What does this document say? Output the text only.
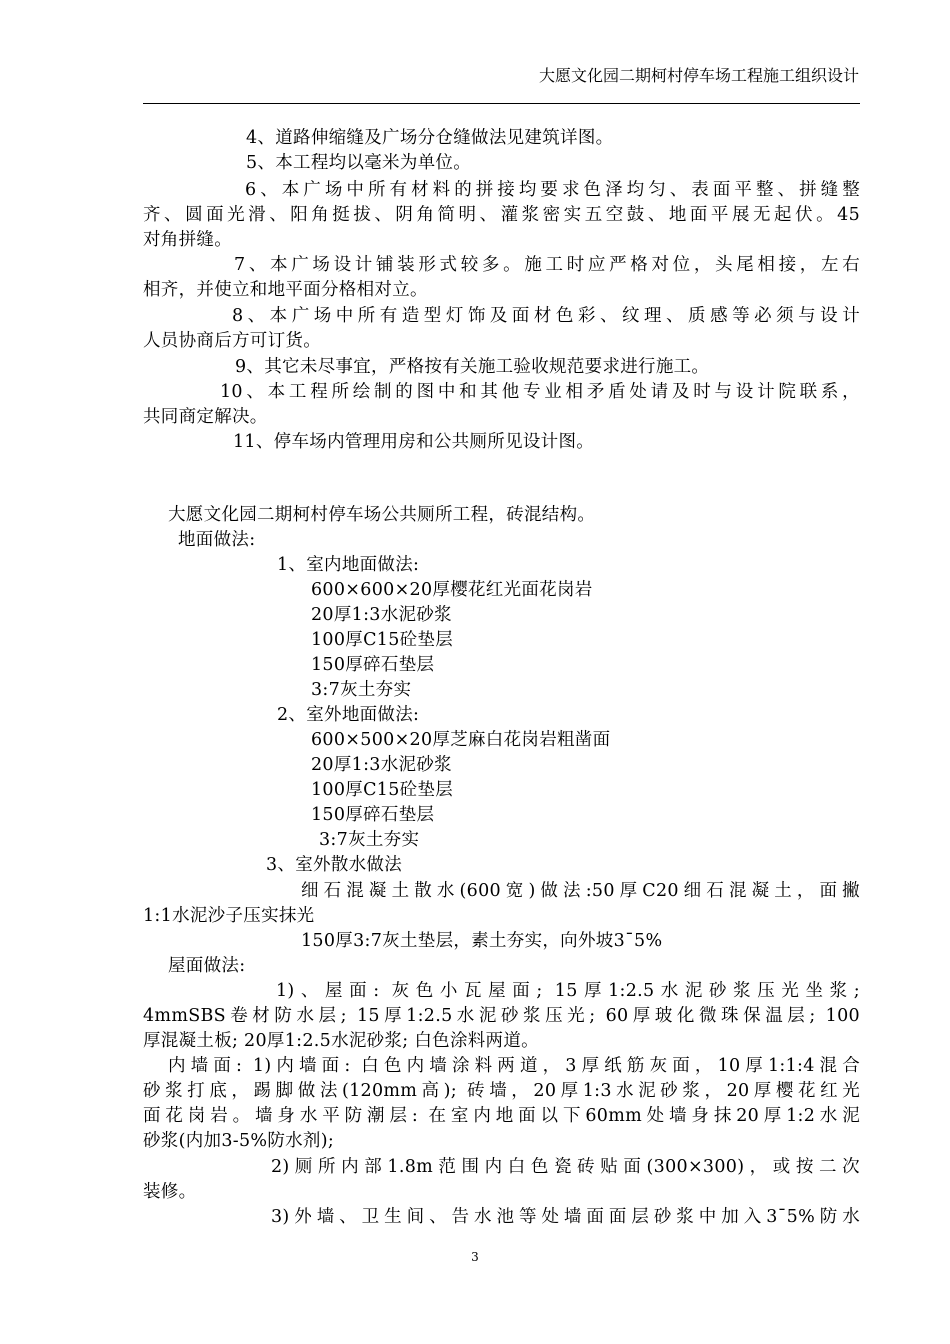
大愿文化园二期柯村停车场工程施工组织设计
4、道路伸缩缝及广场分仓缝做法见建筑详图。
5、本工程均以毫米为单位。
6、本广场中所有材料的拼接均要求色泽均匀、表面平整、拼缝整
齐、圆面光滑、阳角挺拔、阴角简明、灌浆密实五空鼓、地面平展无起伏。45
对角拼缝。
7、本广场设计铺装形式较多。施工时应严格对位，头尾相接，左右
相齐，并使立和地平面分格相对立。
8、本广场中所有造型灯饰及面材色彩、纹理、质感等必须与设计
人员协商后方可订货。
9、其它未尽事宜，严格按有关施工验收规范要求进行施工。
10、本工程所绘制的图中和其他专业相矛盾处请及时与设计院联系，
共同商定解决。
11、停车场内管理用房和公共厕所见设计图。
大愿文化园二期柯村停车场公共厕所工程，砖混结构。
地面做法:
1、室内地面做法:
600×600×20厚樱花红光面花岗岩
20厚1:3水泥砂浆
100厚C15砼垫层
150厚碎石垫层
3:7灰土夯实
2、室外地面做法:
600×500×20厚芝麻白花岗岩粗凿面
20厚1:3水泥砂浆
100厚C15砼垫层
150厚碎石垫层
3:7灰土夯实
3、室外散水做法
细石混凝土散水(600宽)做法:50厚C20细石混凝土，面撇
1:1水泥沙子压实抹光
150厚3:7灰土垫层，素土夯实，向外坡3¯5%
屋面做法:
1)、屋面: 灰色小瓦屋面; 15厚1:2.5水泥砂浆压光坐浆;
4mmSBS卷材防水层; 15厚1:2.5水泥砂浆压光; 60厚玻化微珠保温层; 100
厚混凝土板; 20厚1:2.5水泥砂浆; 白色涂料两道。
内墙面: 1)内墙面: 白色内墙涂料两道，3厚纸筋灰面，10厚1:1:4混合
砂浆打底，踢脚做法(120mm高); 砖墙，20厚1:3水泥砂浆，20厚樱花红光
面花岗岩。墙身水平防潮层: 在室内地面以下60mm处墙身抹20厚1:2水泥
砂浆(内加3-5%防水剂);
2)厕所内部1.8m范围内白色瓷砖贴面(300×300)，或按二次
装修。
3)外墙、卫生间、告水池等处墙面面层砂浆中加入3¯5%防水
3
